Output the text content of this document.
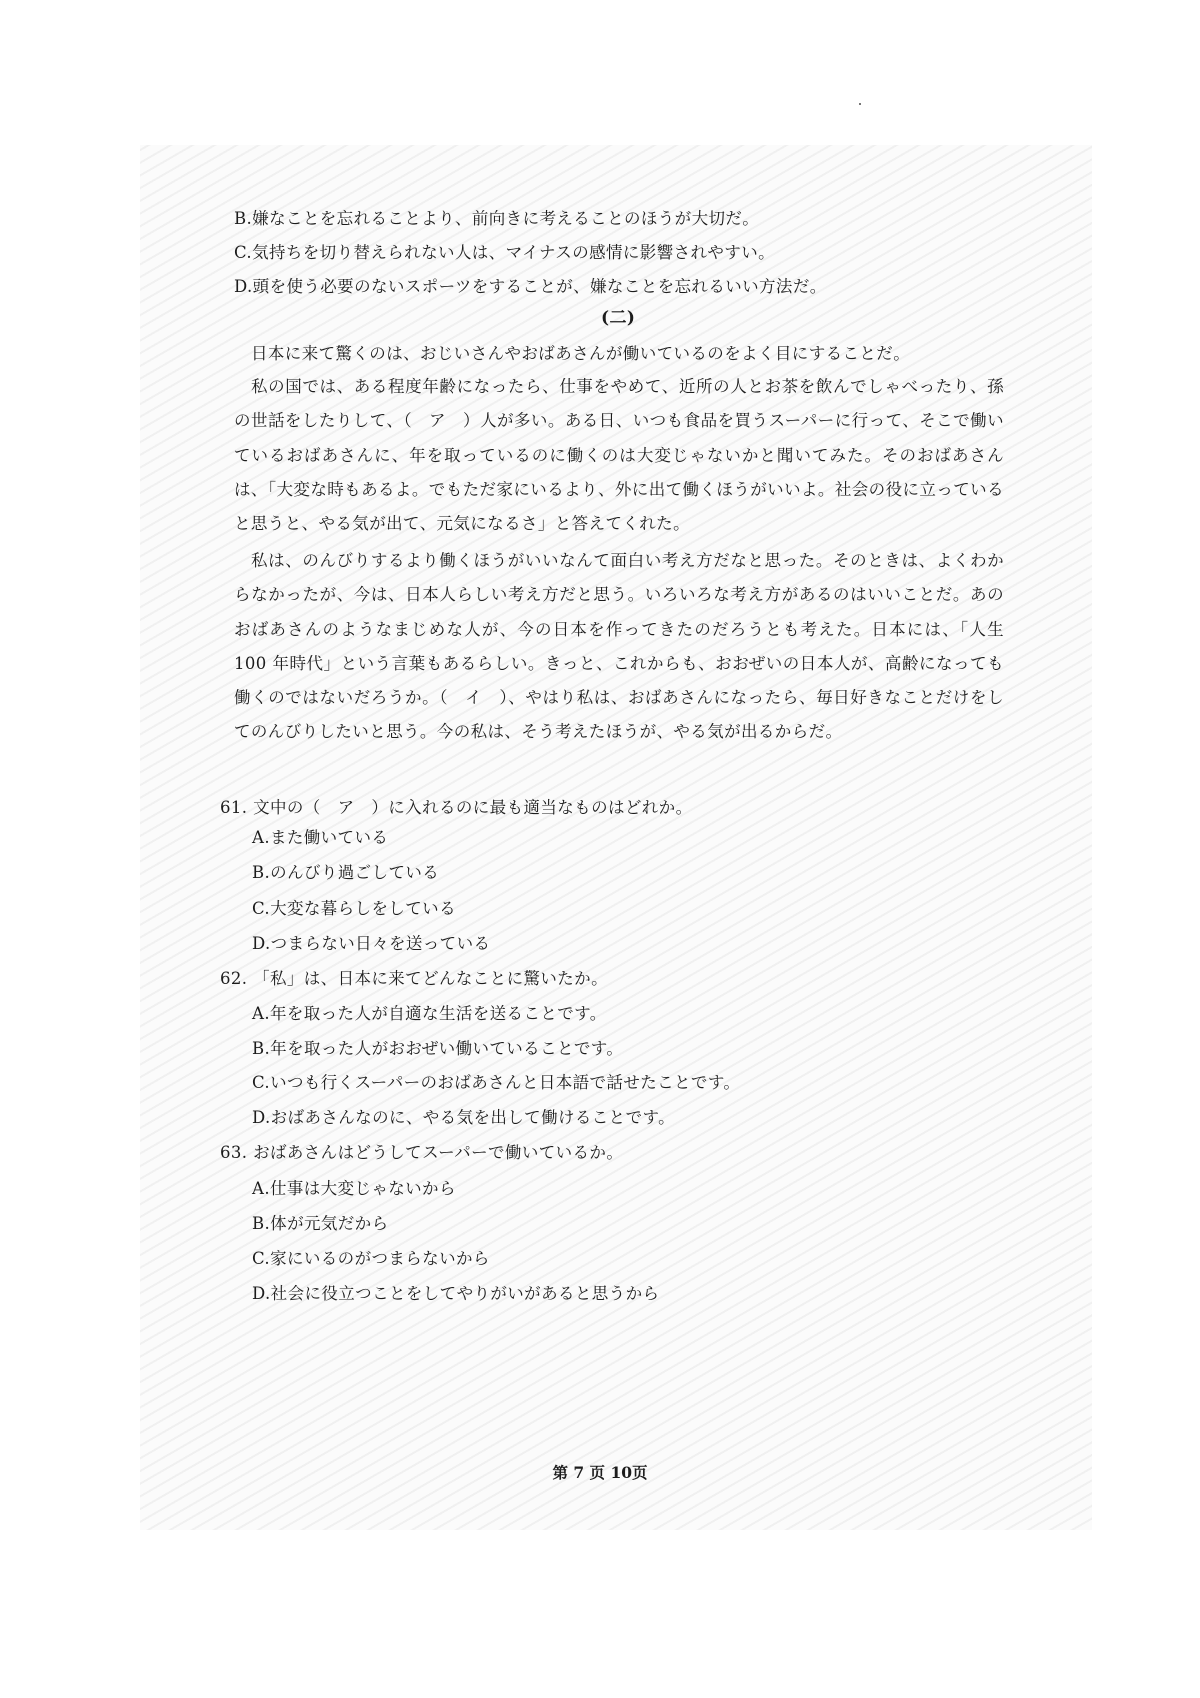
B.嫌なことを忘れることより、前向きに考えることのほうが大切だ。
C.気持ちを切り替えられない人は、マイナスの感情に影響されやすい。
D.頭を使う必要のないスポーツをすることが、嫌なことを忘れるいい方法だ。
(二)
日本に来て驚くのは、おじいさんやおばあさんが働いているのをよく目にすることだ。
私の国では、ある程度年齢になったら、仕事をやめて、近所の人とお茶を飲んでしゃべったり、孫の世話をしたりして、（　ア　）人が多い。ある日、いつも食品を買うスーパーに行って、そこで働いているおばあさんに、年を取っているのに働くのは大変じゃないかと聞いてみた。そのおばあさんは、「大変な時もあるよ。でもただ家にいるより、外に出て働くほうがいいよ。社会の役に立っていると思うと、やる気が出て、元気になるさ」と答えてくれた。
私は、のんびりするより働くほうがいいなんて面白い考え方だなと思った。そのときは、よくわからなかったが、今は、日本人らしい考え方だと思う。いろいろな考え方があるのはいいことだ。あのおばあさんのようなまじめな人が、今の日本を作ってきたのだろうとも考えた。日本には、「人生 100 年時代」という言葉もあるらしい。きっと、これからも、おおぜいの日本人が、高齢になっても働くのではないだろうか。（　イ　）、やはり私は、おばあさんになったら、毎日好きなことだけをしてのんびりしたいと思う。今の私は、そう考えたほうが、やる気が出るからだ。
61. 文中の（　ア　）に入れるのに最も適当なものはどれか。
A.また働いている
B.のんびり過ごしている
C.大変な暮らしをしている
D.つまらない日々を送っている
62. 「私」は、日本に来てどんなことに驚いたか。
A.年を取った人が自適な生活を送ることです。
B.年を取った人がおおぜい働いていることです。
C.いつも行くスーパーのおばあさんと日本語で話せたことです。
D.おばあさんなのに、やる気を出して働けることです。
63. おばあさんはどうしてスーパーで働いているか。
A.仕事は大変じゃないから
B.体が元気だから
C.家にいるのがつまらないから
D.社会に役立つことをしてやりがいがあると思うから
第 7 页 10页
